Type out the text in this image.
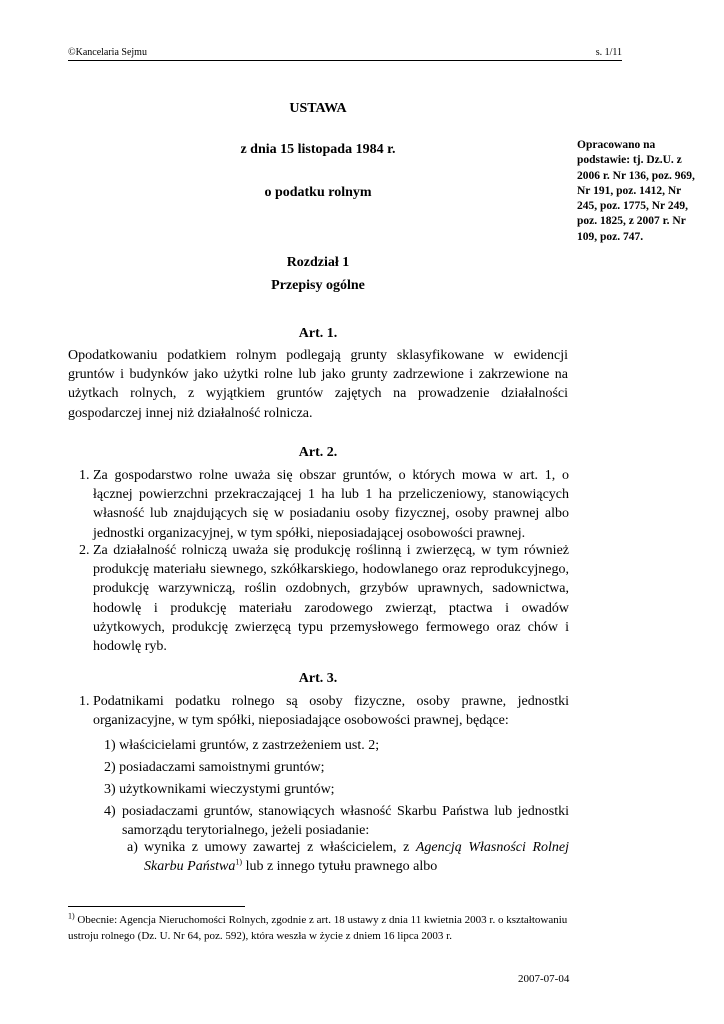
©Kancelaria Sejmu	s. 1/11
USTAWA
z dnia 15 listopada 1984 r.
o podatku rolnym
Opracowano na podstawie: tj. Dz.U. z 2006 r. Nr 136, poz. 969, Nr 191, poz. 1412, Nr 245, poz. 1775, Nr 249, poz. 1825, z 2007 r. Nr 109, poz. 747.
Rozdział 1
Przepisy ogólne
Art. 1.
Opodatkowaniu podatkiem rolnym podlegają grunty sklasyfikowane w ewidencji gruntów i budynków jako użytki rolne lub jako grunty zadrzewione i zakrzewione na użytkach rolnych, z wyjątkiem gruntów zajętych na prowadzenie działalności gospodarczej innej niż działalność rolnicza.
Art. 2.
1. Za gospodarstwo rolne uważa się obszar gruntów, o których mowa w art. 1, o łącznej powierzchni przekraczającej 1 ha lub 1 ha przeliczeniowy, stanowiących własność lub znajdujących się w posiadaniu osoby fizycznej, osoby prawnej albo jednostki organizacyjnej, w tym spółki, nieposiadającej osobowości prawnej.
2. Za działalność rolniczą uważa się produkcję roślinną i zwierzęcą, w tym również produkcję materiału siewnego, szkółkarskiego, hodowlanego oraz reprodukcyjnego, produkcję warzywniczą, roślin ozdobnych, grzybów uprawnych, sadownictwa, hodowlę i produkcję materiału zarodowego zwierząt, ptactwa i owadów użytkowych, produkcję zwierzęcą typu przemysłowego fermowego oraz chów i hodowlę ryb.
Art. 3.
1. Podatnikami podatku rolnego są osoby fizyczne, osoby prawne, jednostki organizacyjne, w tym spółki, nieposiadające osobowości prawnej, będące:
1) właścicielami gruntów, z zastrzeżeniem ust. 2;
2) posiadaczami samoistnymi gruntów;
3) użytkownikami wieczystymi gruntów;
4) posiadaczami gruntów, stanowiących własność Skarbu Państwa lub jednostki samorządu terytorialnego, jeżeli posiadanie:
a) wynika z umowy zawartej z właścicielem, z Agencją Własności Rolnej Skarbu Państwa$^{1)}$ lub z innego tytułu prawnego albo
$^{1)}$ Obecnie: Agencja Nieruchomości Rolnych, zgodnie z art. 18 ustawy z dnia 11 kwietnia 2003 r. o kształtowaniu ustroju rolnego (Dz. U. Nr 64, poz. 592), która weszła w życie z dniem 16 lipca 2003 r.
2007-07-04
